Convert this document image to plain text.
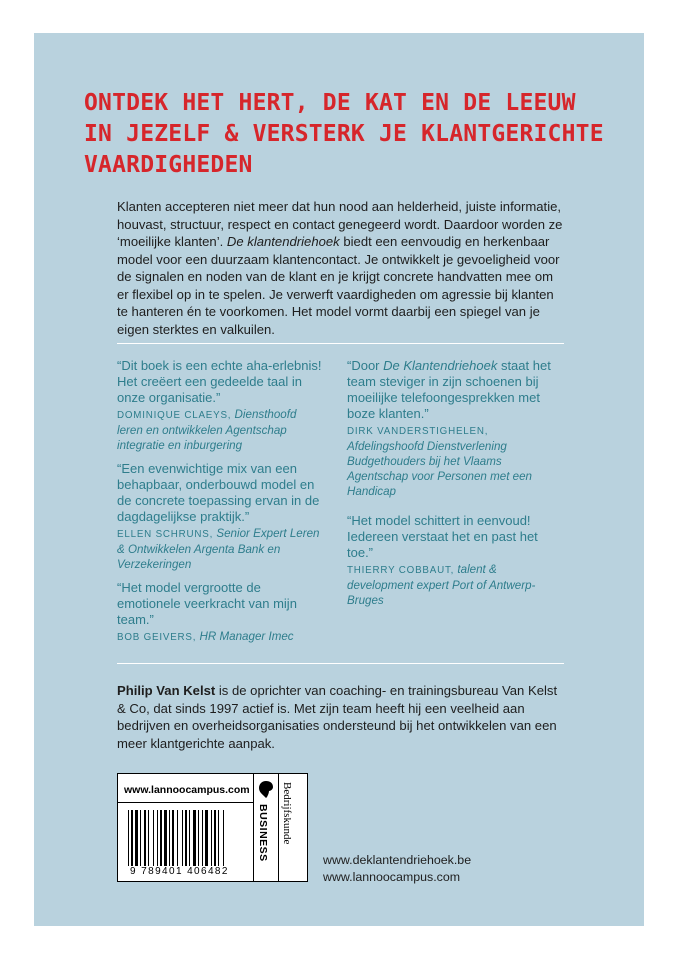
ONTDEK HET HERT, DE KAT EN DE LEEUW IN JEZELF & VERSTERK JE KLANTGERICHTE VAARDIGHEDEN

Klanten accepteren niet meer dat hun nood aan helderheid, juiste informatie, houvast, structuur, respect en contact genegeerd wordt. Daardoor worden ze ‘moeilijke klanten’. De klantendriehoek biedt een eenvoudig en herkenbaar model voor een duurzaam klantencontact. Je ontwikkelt je gevoeligheid voor de signalen en noden van de klant en je krijgt concrete handvatten mee om er flexibel op in te spelen. Je verwerft vaardigheden om agressie bij klanten te hanteren én te voorkomen. Het model vormt daarbij een spiegel van je eigen sterktes en valkuilen.

“Dit boek is een echte aha-erlebnis! Het creëert een gedeelde taal in onze organisatie.”
DOMINIQUE CLAEYS, Diensthoofd leren en ontwikkelen Agentschap integratie en inburgering
“Een evenwichtige mix van een behapbaar, onderbouwd model en de concrete toepassing ervan in de dagdagelijkse praktijk.”
ELLEN SCHRUNS, Senior Expert Leren & Ontwikkelen Argenta Bank en Verzekeringen
“Het model vergrootte de emotionele veerkracht van mijn team.”
BOB GEIVERS, HR Manager Imec
“Door De Klantendriehoek staat het team steviger in zijn schoenen bij moeilijke telefoongesprekken met boze klanten.”
DIRK VANDERSTIGHELEN,
Afdelingshoofd Dienstverlening Budgethouders bij het Vlaams Agentschap voor Personen met een Handicap
“Het model schittert in eenvoud! Iedereen verstaat het en past het toe.”
THIERRY COBBAUT, talent & development expert Port of Antwerp-Bruges

Philip Van Kelst is de oprichter van coaching- en trainingsbureau Van Kelst & Co, dat sinds 1997 actief is. Met zijn team heeft hij een veelheid aan bedrijven en overheidsorganisaties ondersteund bij het ontwikkelen van een meer klantgerichte aanpak.

www.lannoocampus.com
9 789401 406482
BUSINESS Bedrijfskunde
www.deklantendriehoek.be
www.lannoocampus.com
